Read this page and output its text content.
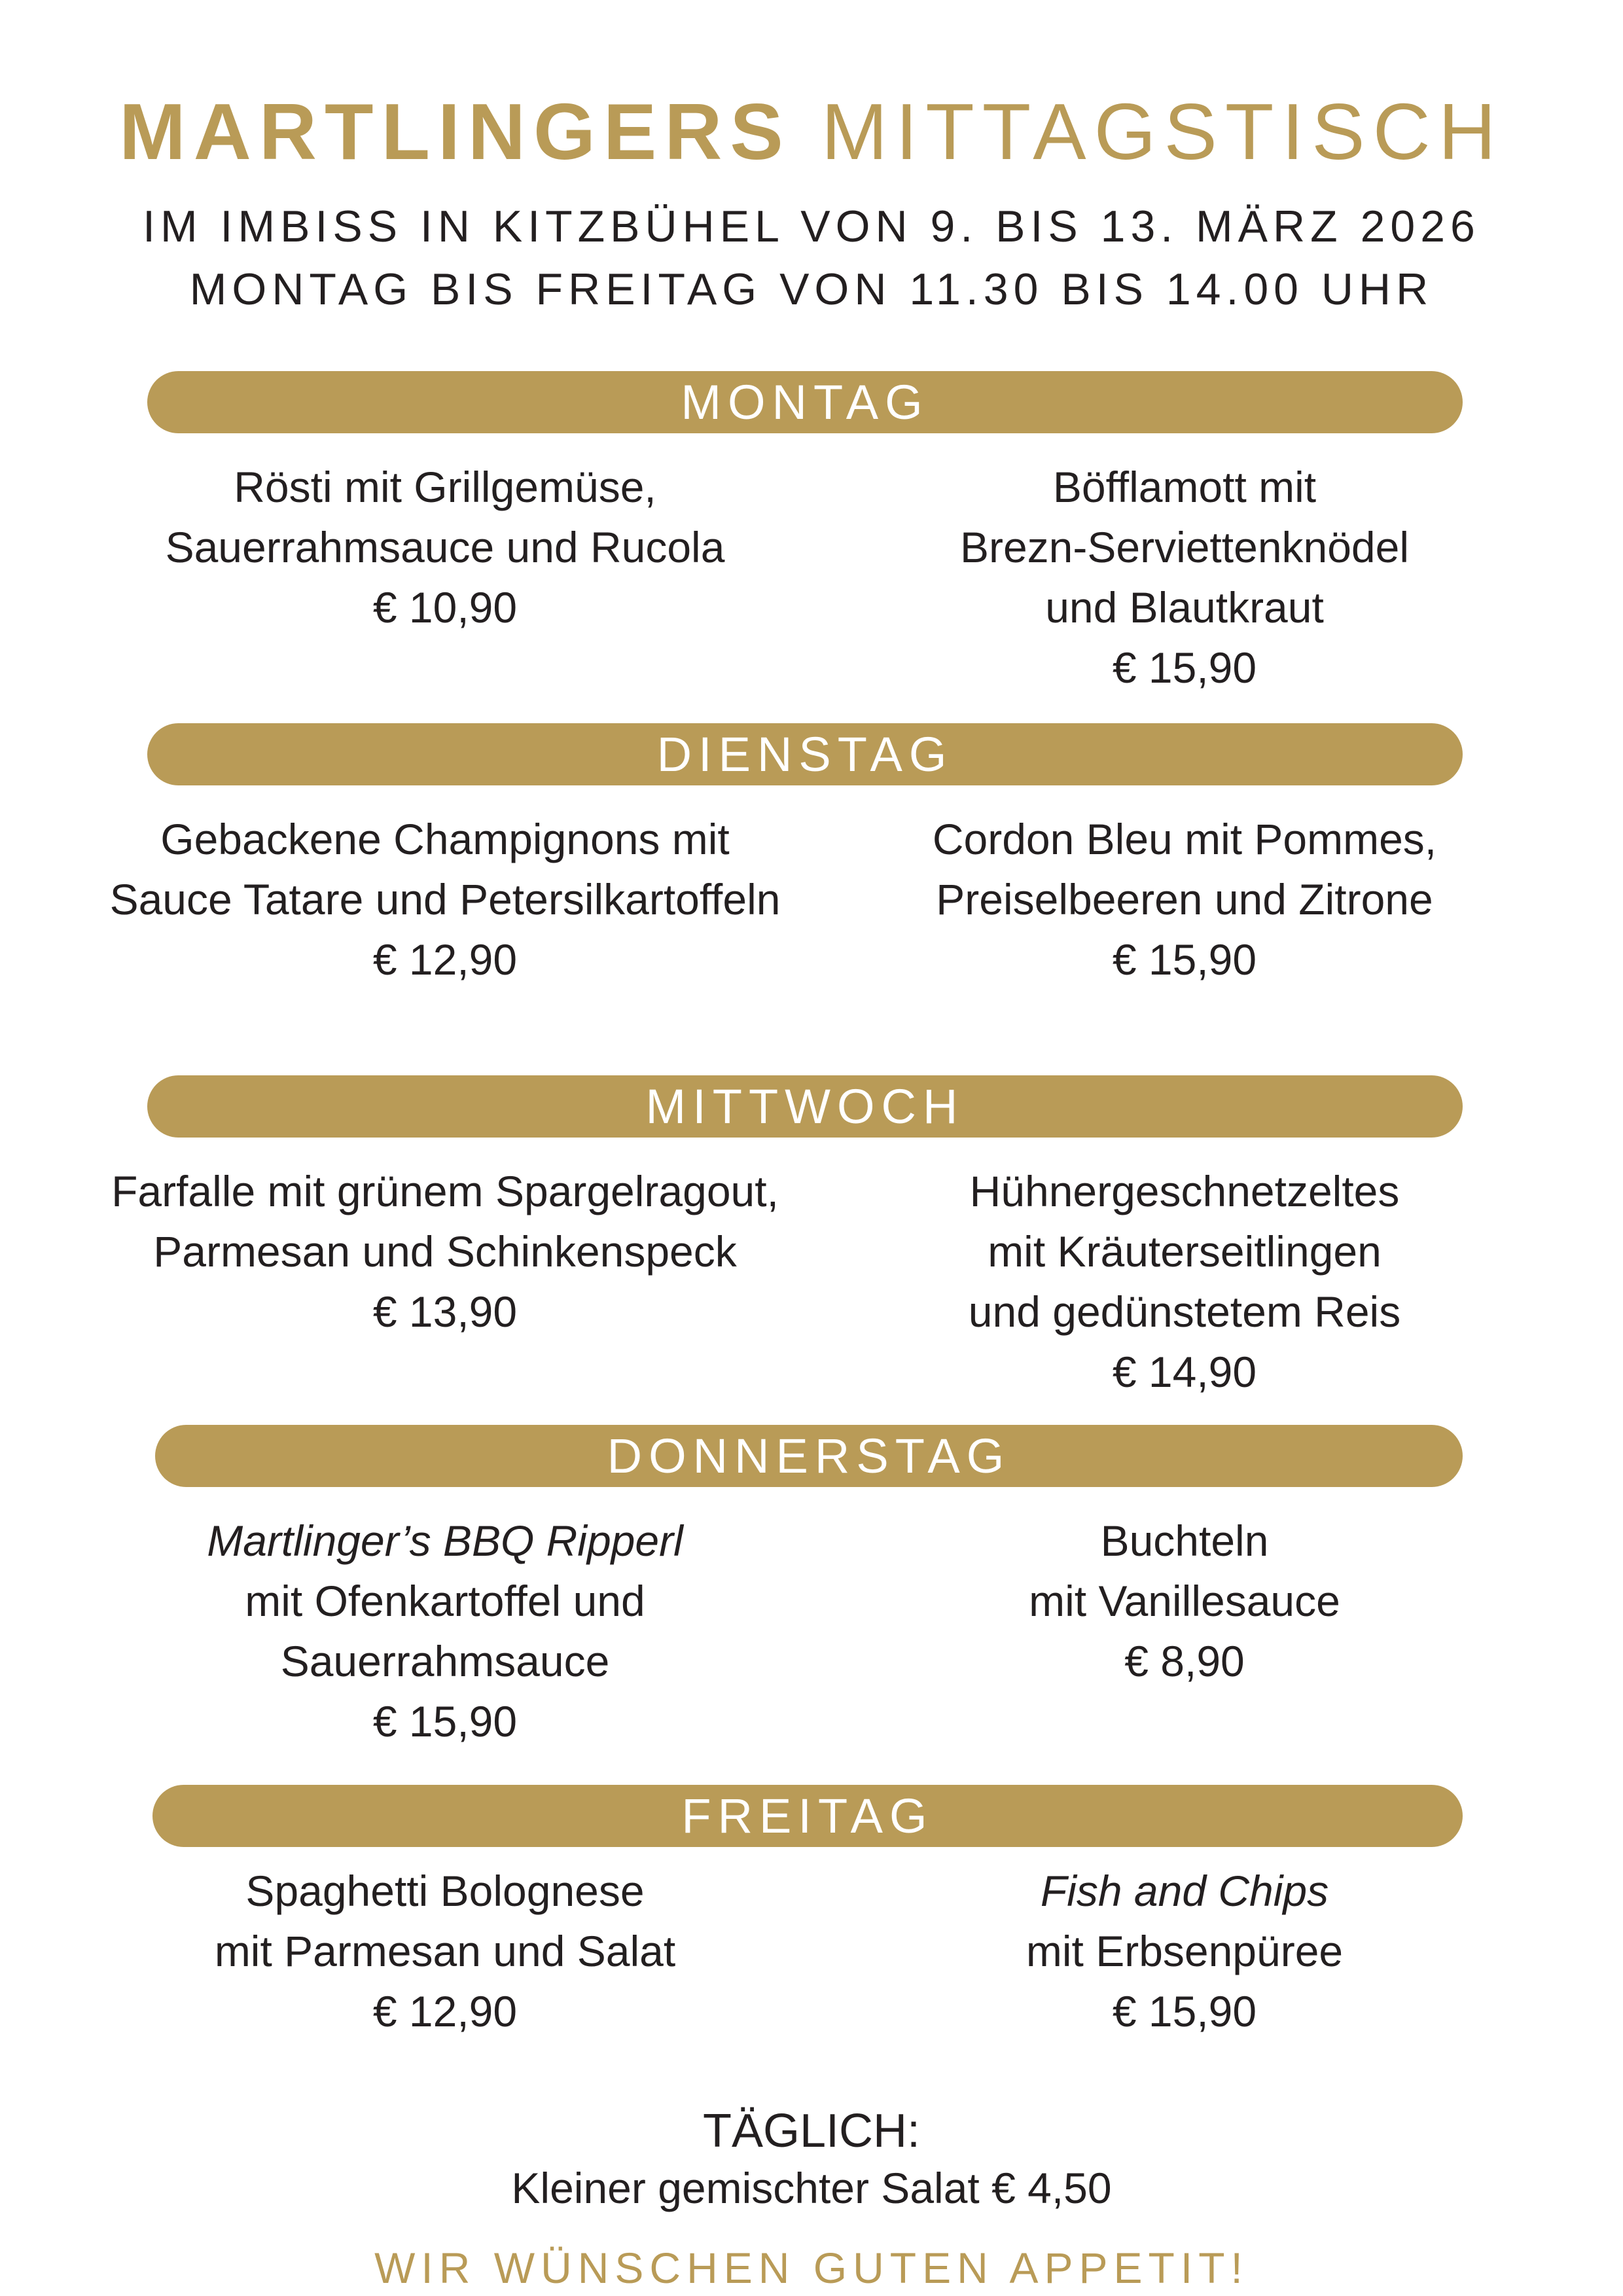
MARTLINGERS MITTAGSTISCH
IM IMBISS IN KITZBÜHEL VON 9. BIS 13. MÄRZ 2026
MONTAG BIS FREITAG VON 11.30 BIS 14.00 UHR
MONTAG
Rösti mit Grillgemüse,
Sauerrahmsauce und Rucola
€ 10,90
Böfflamott mit
Brezn-Serviettenknödel
und Blautkraut
€ 15,90
DIENSTAG
Gebackene Champignons mit
Sauce Tatare und Petersilkartoffeln
€ 12,90
Cordon Bleu mit Pommes,
Preiselbeeren und Zitrone
€ 15,90
MITTWOCH
Farfalle mit grünem Spargelragout,
Parmesan und Schinkenspeck
€ 13,90
Hühnergeschnetzeltes
mit Kräuterseitlingen
und gedünstetem Reis
€ 14,90
DONNERSTAG
Martlinger’s BBQ Ripperl
mit Ofenkartoffel und
Sauerrahmsauce
€ 15,90
Buchteln
mit Vanillesauce
€ 8,90
FREITAG
Spaghetti Bolognese
mit Parmesan und Salat
€ 12,90
Fish and Chips
mit Erbsenpüree
€ 15,90
TÄGLICH:
Kleiner gemischter Salat € 4,50
WIR WÜNSCHEN GUTEN APPETIT!
